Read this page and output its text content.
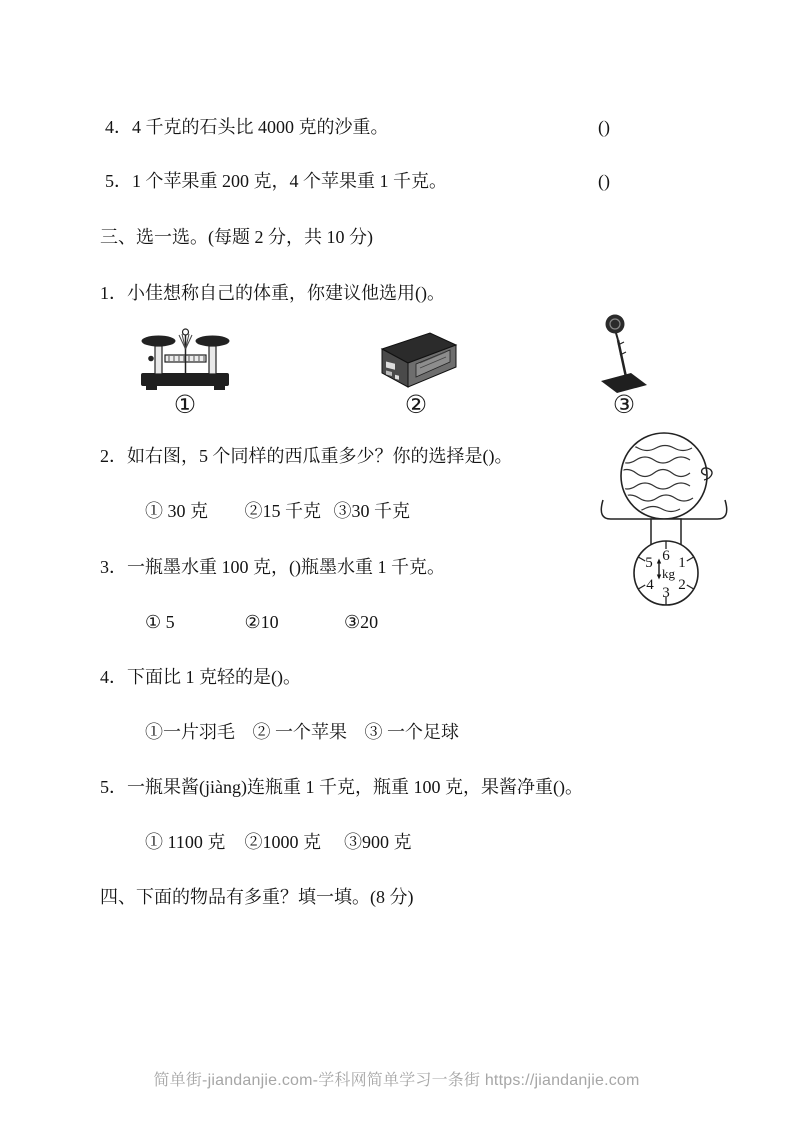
4．4 千克的石头比 4000 克的沙重。	()
5．1 个苹果重 200 克，4 个苹果重 1 千克。	()
三、选一选。(每题 2 分，共 10 分)
1．小佳想称自己的体重，你建议他选用()。
①	②	③
2．如右图，5 个同样的西瓜重多少？你的选择是()。
① 30 克 ②15 千克 ③30 千克
6 1
2
3
4
5
kg
3．一瓶墨水重 100 克，()瓶墨水重 1 千克。
① 5	②10	③20
4．下面比 1 克轻的是()。
①一片羽毛 ② 一个苹果 ③ 一个足球
5．一瓶果酱(jiàng)连瓶重 1 千克，瓶重 100 克，果酱净重()。
① 1100 克 ②1000 克 ③900 克
四、下面的物品有多重？填一填。(8 分)
简单街-jiandanjie.com-学科网简单学习一条街 https://jiandanjie.com
